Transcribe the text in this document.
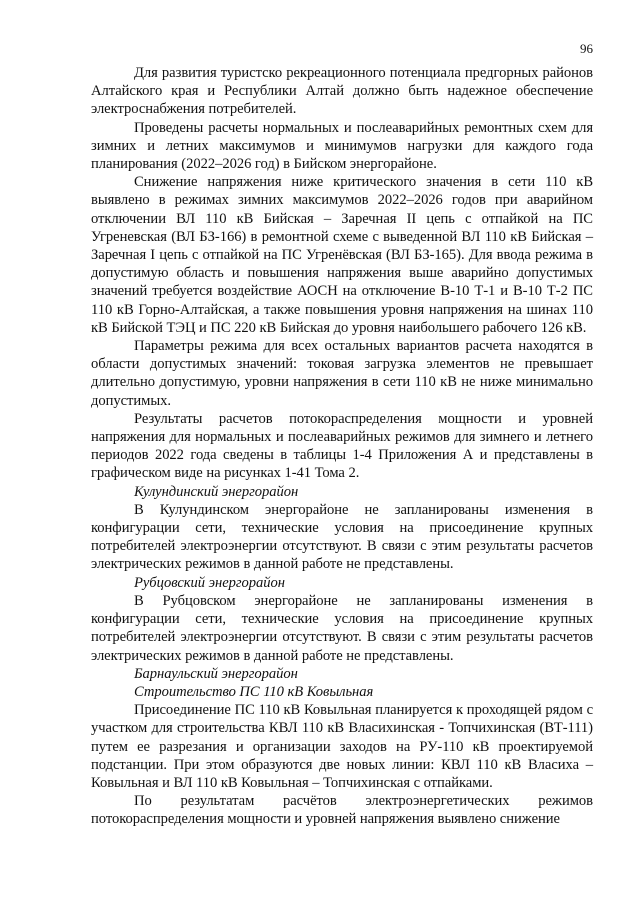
96

Для развития туристско рекреационного потенциала предгорных районов Алтайского края и Республики Алтай должно быть надежное обеспечение электроснабжения потребителей.

Проведены расчеты нормальных и послеаварийных ремонтных схем для зимних и летних максимумов и минимумов нагрузки для каждого года планирования (2022–2026 год) в Бийском энергорайоне.

Снижение напряжения ниже критического значения в сети 110 кВ выявлено в режимах зимних максимумов 2022–2026 годов при аварийном отключении ВЛ 110 кВ Бийская – Заречная II цепь с отпайкой на ПС Угреневская (ВЛ БЗ-166) в ремонтной схеме с выведенной ВЛ 110 кВ Бийская – Заречная I цепь с отпайкой на ПС Угренёвская (ВЛ БЗ-165). Для ввода режима в допустимую область и повышения напряжения выше аварийно допустимых значений требуется воздействие АОСН на отключение В-10 Т-1 и В-10 Т-2 ПС 110 кВ Горно-Алтайская, а также повышения уровня напряжения на шинах 110 кВ Бийской ТЭЦ и ПС 220 кВ Бийская до уровня наибольшего рабочего 126 кВ.

Параметры режима для всех остальных вариантов расчета находятся в области допустимых значений: токовая загрузка элементов не превышает длительно допустимую, уровни напряжения в сети 110 кВ не ниже минимально допустимых.

Результаты расчетов потокораспределения мощности и уровней напряжения для нормальных и послеаварийных режимов для зимнего и летнего периодов 2022 года сведены в таблицы 1-4 Приложения А и представлены в графическом виде на рисунках 1-41 Тома 2.

Кулундинский энергорайон

В Кулундинском энергорайоне не запланированы изменения в конфигурации сети, технические условия на присоединение крупных потребителей электроэнергии отсутствуют. В связи с этим результаты расчетов электрических режимов в данной работе не представлены.

Рубцовский энергорайон

В Рубцовском энергорайоне не запланированы изменения в конфигурации сети, технические условия на присоединение крупных потребителей электроэнергии отсутствуют. В связи с этим результаты расчетов электрических режимов в данной работе не представлены.

Барнаульский энергорайон
Строительство ПС 110 кВ Ковыльная

Присоединение ПС 110 кВ Ковыльная планируется к проходящей рядом с участком для строительства КВЛ 110 кВ Власихинская - Топчихинская (ВТ-111) путем ее разрезания и организации заходов на РУ-110 кВ проектируемой подстанции. При этом образуются две новых линии: КВЛ 110 кВ Власиха – Ковыльная и ВЛ 110 кВ Ковыльная – Топчихинская с отпайками.

По результатам расчётов электроэнергетических режимов потокораспределения мощности и уровней напряжения выявлено снижение
